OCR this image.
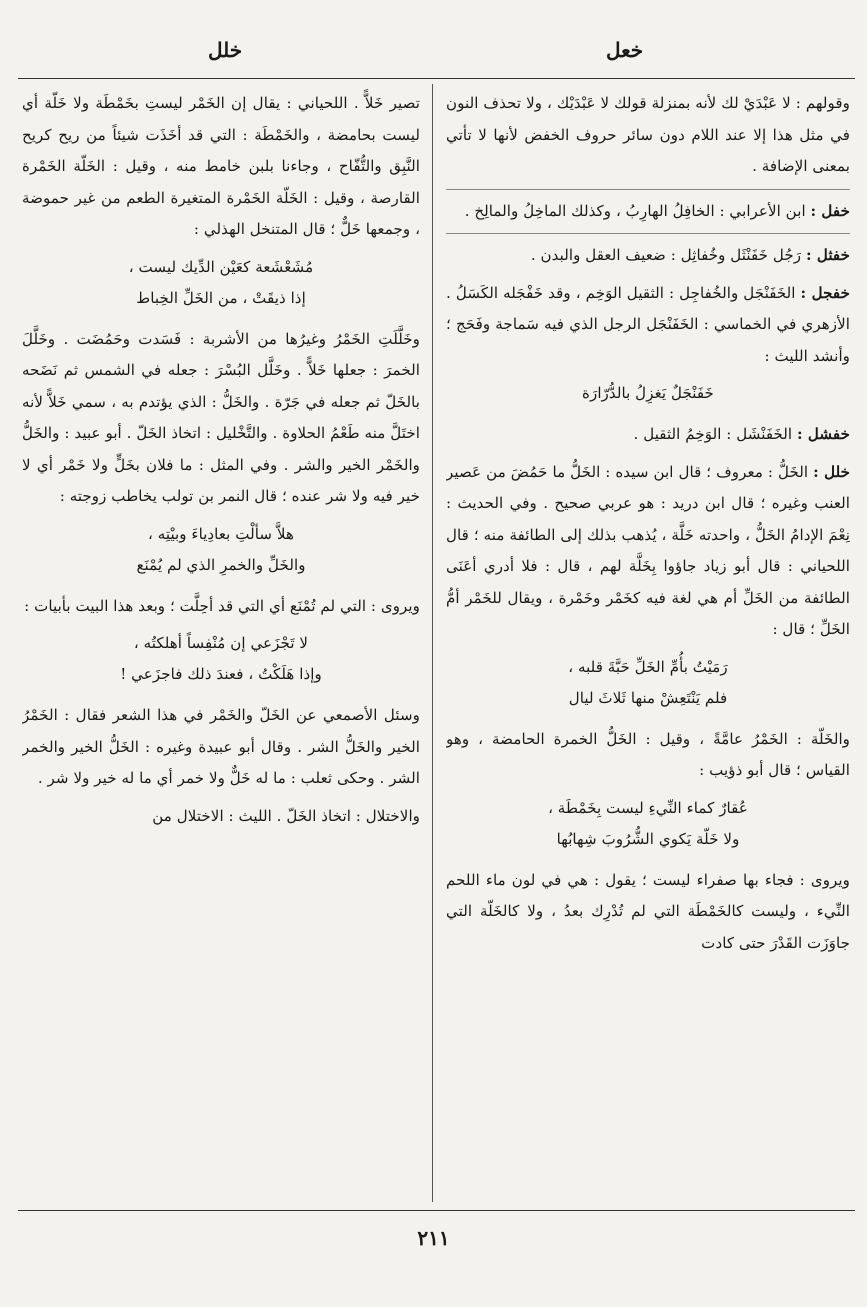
خلل	خعل

وقولهم : لا عَبْدَيْ لك لأنه بمنزلة قولك لا عَبْدَيْك ، ولا تحذف النون في مثل هذا إلا عند اللام دون سائر حروف الخفض لأنها لا تأتي بمعنى الإضافة .

خفل : ابن الأعرابي : الخافِلُ الهارِبُ ، وكذلك الماخِلُ والمالِخ .

خفثل : رَجُل خَفَنْثَل وخُفاثِل : ضعيف العقل والبدن .

خفجل : الخَفَنْجَل والخُفاجِل : الثقيل الوَخِم ، وقد خَفْجَله الكَسَلُ . الأزهري في الخماسي : الخَفَنْجَل الرجل الذي فيه سَماجة وفَحَج ؛ وأنشد الليث :

خَفَنْجَلٌ يَغزِلُ بالدُّرّارَة

خفشل : الخَفَنْشَل : الوَخِمُ الثقيل .

خلل : الخَلُّ : معروف ؛ قال ابن سيده : الخَلُّ ما حَمُضَ من عَصير العنب وغيره ؛ قال ابن دريد : هو عربي صحيح . وفي الحديث : نِعْمَ الإدامُ الخَلُّ ، واحدته خَلَّة ، يُذهب بذلك إلى الطائفة منه ؛ قال اللحياني : قال أبو زياد جاؤوا بِخَلَّة لهم ، قال : فلا أدري أعَنَى الطائفة من الخَلِّ أم هي لغة فيه كخَمْر وخَمْرة ، ويقال للخَمْر أمُّ الخَلِّ ؛ قال :

رَمَيْتُ بأُمِّ الخَلِّ حَبَّةَ قلبه ،
فلم يَنْتَعِشْ منها ثَلاثَ ليال

والخَلّة : الخَمْرُ عامَّةً ، وقيل : الخَلُّ الخمرة الحامضة ، وهو القياس ؛ قال أبو ذؤيب :

عُقارٌ كماء النِّيءِ ليست بِخَمْطَة ،
ولا خَلّة يَكوي الشُّرُوبَ شِهابُها

ويروى : فجاء بها صفراء ليست ؛ يقول : هي في لون ماء اللحم النِّيء ، وليست كالخَمْطَة التي لم تُدْرِك بعدُ ، ولا كالخَلّة التي جاوَزَت القَدْرَ حتى كادت

تصير خَلاًّ . اللحياني : يقال إن الخَمْر ليستِ بخَمْطَة ولا خَلّة أي ليست بحامضة ، والخَمْطَة : التي قد أخَذَت شيئاً من ريح كريح النَّبِق والتُّفّاح ، وجاءنا بلبن خامط منه ، وقيل : الخَلّة الخَمْرة القارصة ، وقيل : الخَلّة الخَمْرة المتغيرة الطعم من غير حموضة ، وجمعها خَلٌّ ؛ قال المتنخل الهذلي :

مُشَعْشَعة كعَيْن الدِّيك ليست ،
إذا ذيقَتْ ، من الخَلِّ الخِباط

وخَلَّلَتِ الخَمْرُ وغيرُها من الأشربة : فَسَدت وحَمُضَت . وخَلَّلَ الخمرَ : جعلها خَلاًّ . وخَلَّل البُسْرَ : جعله في الشمس ثم نَضَحه بالخَلّ ثم جعله في جَرّة . والخَلُّ : الذي يؤتدم به ، سمي خَلاًّ لأنه اختَلَّ منه طَعْمُ الحلاوة . والتَّخْليل : اتخاذ الخَلّ . أبو عبيد : والخَلُّ والخَمْر الخير والشر . وفي المثل : ما فلان بخَلٍّ ولا خَمْر أي لا خير فيه ولا شر عنده ؛ قال النمر بن تولب يخاطب زوجته :

هلاَّ سألْتِ بعادِياءَ وبيْتِه ،
والخَلِّ والخمرِ الذي لم يُمْنَع

ويروى : التي لم تُمْنَع أي التي قد أحِلَّت ؛ وبعد هذا البيت بأبيات :

لا تَجْزَعي إن مُنْفِساً أهلكتُه ،
وإذا هَلَكْتُ ، فعندَ ذلك فاجزَعي !

وسئل الأصمعي عن الخَلّ والخَمْر في هذا الشعر فقال : الخَمْرُ الخير والخَلُّ الشر . وقال أبو عبيدة وغيره : الخَلُّ الخير والخمر الشر . وحكى ثعلب : ما له خَلٌّ ولا خمر أي ما له خير ولا شر .

والاختلال : اتخاذ الخَلّ . الليث : الاختلال من

٢١١
